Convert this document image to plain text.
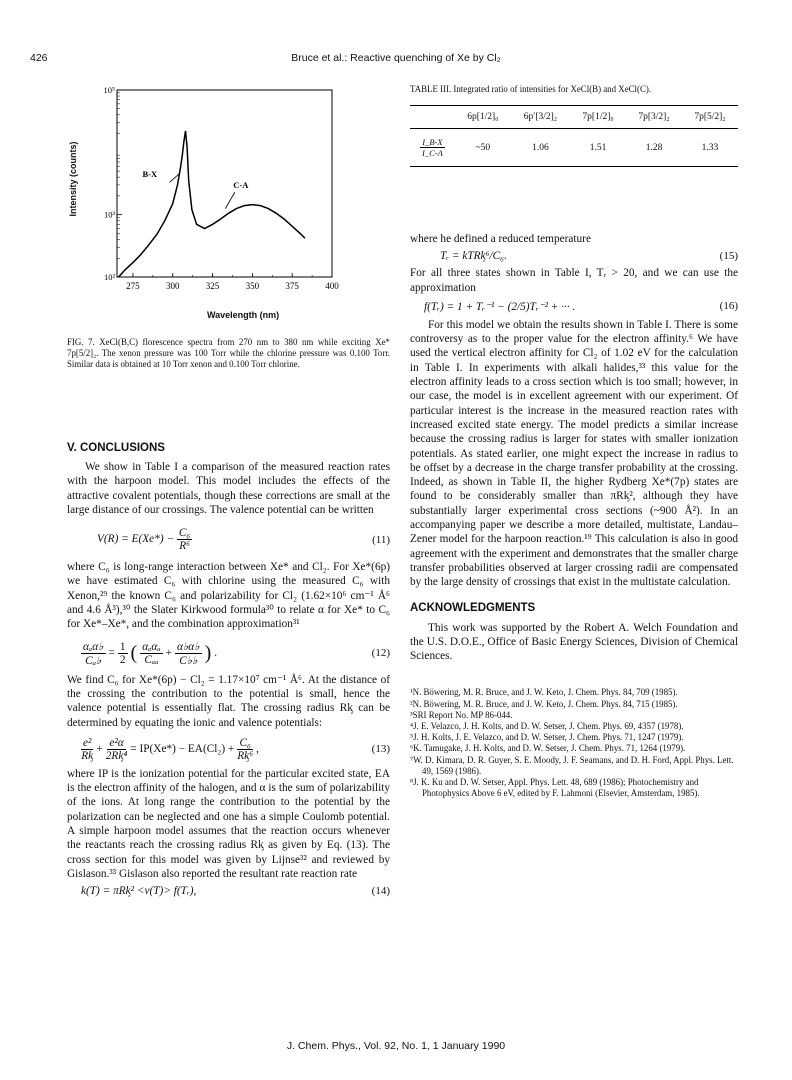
426	Bruce et al.: Reactive quenching of Xe by Cl₂
275	300	325	350	375	400
10⁵
10³
10²
B-X
C-A
Intensity (counts)
Wavelength (nm)

FIG. 7. XeCl(B,C) florescence spectra from 270 nm to 380 nm while exciting Xe* 7p[5/2]₂. The xenon pressure was 100 Torr while the chlorine pressure was 0.100 Torr. Similar data is obtained at 10 Torr xenon and 0.100 Torr chlorine.

V. CONCLUSIONS

We show in Table I a comparison of the measured reaction rates with the harpoon model. This model includes the effects of the attractive covalent potentials, though these corrections are small at the large distance of our crossings. The valence potential can be written

$V(R) = E(Xe*) - \frac{\text{C₆}}{\text{R⁶}}$	(11)

where C₆ is long-range interaction between Xe* and Cl₂. For Xe*(6p) we have estimated C₆ with chlorine using the measured C₆ with Xenon,²⁹ the known C₆ and polarizability for Cl₂ (1.62×10⁶ cm⁻¹ Å⁶ and 4.6 Å³),³⁰ the Slater Kirkwood formula³⁰ to relate α for Xe* to C₆ for Xe*–Xe*, and the combination approximation³¹

$\frac{\text{αₐα♭}}{\text{Cₐ♭}} = \frac{1}{2}$ ( $\frac{\text{αₐαₐ}}{\text{Cₐₐ}} + \frac{\alpha♭\alpha♭}{C♭♭}$ ) .	(12)

We find C₆ for Xe*(6p) − Cl₂ = 1.17×10⁷ cm⁻¹ Å⁶. At the distance of the crossing the contribution to the potential is small, hence the valence potential is essentially flat. The crossing radius Rᶄ can be determined by equating the ionic and valence potentials:

$\frac{\text{e²}}{\text{Rᶄ}} + \frac{\text{e²α}}{\text{2Rᶄ⁴}} = IP(Xe*) - EA(Cl_2) + \frac{\text{C₆}}{\text{Rᶄ⁶}}$ ,	(13)

where IP is the ionization potential for the particular excited state, EA is the electron affinity of the halogen, and α is the sum of polarizability of the ions. At long range the contribution to the potential by the polarization can be neglected and one has a simple Coulomb potential. A simple harpoon model assumes that the reaction occurs whenever the reactants reach the crossing radius Rᶄ as given by Eq. (13). The cross section for this model was given by Lijnse³² and reviewed by Gislason.³³ Gislason also reported the resultant rate reaction rate

k(T) = πRᶄ² <v(T)> f(Tᵣ),	(14)

TABLE III. Integrated ratio of intensities for XeCl(B) and XeCl(C).

	6p[1/2]₀	6p′[3/2]₂	7p[1/2]₀	7p[3/2]₂	7p[5/2]₂

$\frac{I\_B-X}{I\_C-A}$	~50	1.06	1.51	1.28	1.33

where he defined a reduced temperature

Tᵣ = kTRᶄ⁶/C₆.	(15)

For all three states shown in Table I, Tᵣ > 20, and we can use the approximation

f(Tᵣ) = 1 + Tᵣ⁻¹ − (2/5)Tᵣ⁻² + ··· .	(16)

For this model we obtain the results shown in Table I. There is some controversy as to the proper value for the electron affinity.⁶ We have used the vertical electron affinity for Cl₂ of 1.02 eV for the calculation in Table I. In experiments with alkali halides,³³ this value for the electron affinity leads to a cross section which is too small; however, in our case, the model is in excellent agreement with our experiment. Of particular interest is the increase in the measured reaction rates with increased excited state energy. The model predicts a similar increase because the crossing radius is larger for states with smaller ionization potentials. As stated earlier, one might expect the increase in radius to be offset by a decrease in the charge transfer probability at the crossing. Indeed, as shown in Table II, the higher Rydberg Xe*(7p) states are found to be considerably smaller than πRᶄ², although they have substantially larger experimental cross sections (~900 Å²). In an accompanying paper we describe a more detailed, multistate, Landau–Zener model for the harpoon reaction.¹⁹ This calculation is also in good agreement with the experiment and demonstrates that the smaller charge transfer probabilities observed at larger crossing radii are compensated by the large density of crossings that exist in the multistate calculation.

ACKNOWLEDGMENTS

This work was supported by the Robert A. Welch Foundation and the U.S. D.O.E., Office of Basic Energy Sciences, Division of Chemical Sciences.

¹N. Böwering, M. R. Bruce, and J. W. Keto, J. Chem. Phys. 84, 709 (1985).

²N. Böwering, M. R. Bruce, and J. W. Keto, J. Chem. Phys. 84, 715 (1985).

³SRI Report No. MP 86-044.

⁴J. E. Velazco, J. H. Kolts, and D. W. Setser, J. Chem. Phys. 69, 4357 (1978).

⁵J. H. Kolts, J. E. Velazco, and D. W. Setser, J. Chem. Phys. 71, 1247 (1979).

⁶K. Tamugake, J. H. Kolts, and D. W. Setser, J. Chem. Phys. 71, 1264 (1979).

⁷W. D. Kimara, D. R. Guyer, S. E. Moody, J. F. Seamans, and D. H. Ford, Appl. Phys. Lett. 49, 1569 (1986).

⁸J. K. Ku and D. W. Setser, Appl. Phys. Lett. 48, 689 (1986); Photochemistry and Photophysics Above 6 eV, edited by F. Lahmoni (Elsevier, Amsterdam, 1985).

J. Chem. Phys., Vol. 92, No. 1, 1 January 1990
